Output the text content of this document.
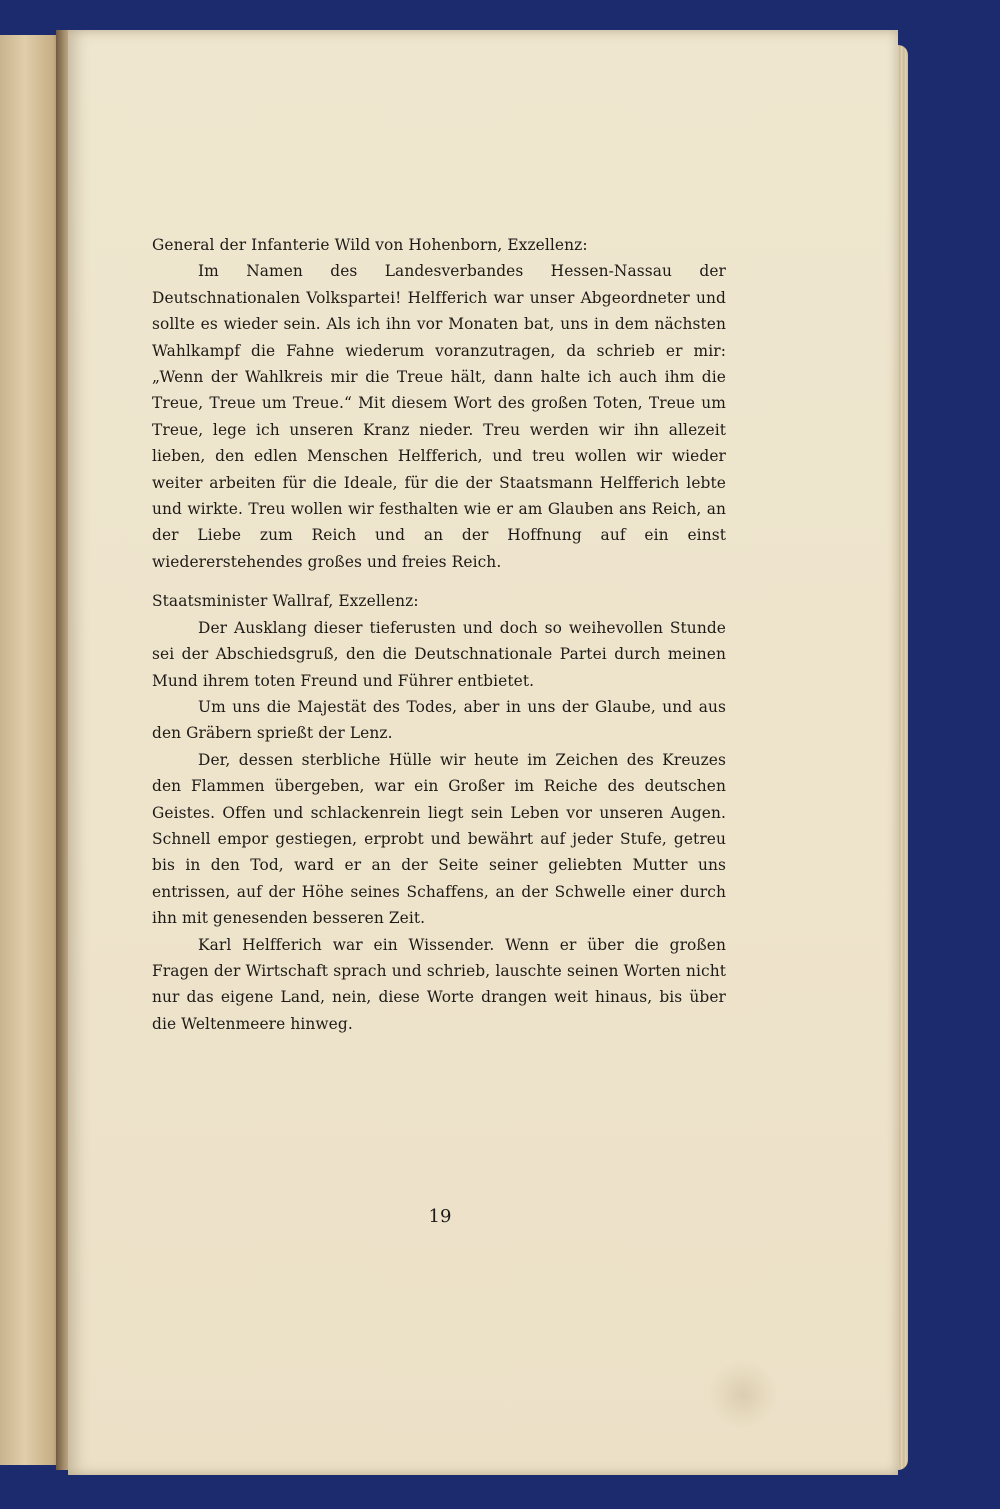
General der Infanterie Wild von Hohenborn, Exzellenz:

Im Namen des Landesverbandes Hessen-Nassau der Deutschnationalen Volkspartei! Helfferich war unser Abgeordneter und sollte es wieder sein. Als ich ihn vor Monaten bat, uns in dem nächsten Wahlkampf die Fahne wiederum voranzutragen, da schrieb er mir: „Wenn der Wahlkreis mir die Treue hält, dann halte ich auch ihm die Treue, Treue um Treue.“ Mit diesem Wort des großen Toten, Treue um Treue, lege ich unseren Kranz nieder. Treu werden wir ihn allezeit lieben, den edlen Menschen Helfferich, und treu wollen wir wieder weiter arbeiten für die Ideale, für die der Staatsmann Helfferich lebte und wirkte. Treu wollen wir festhalten wie er am Glauben ans Reich, an der Liebe zum Reich und an der Hoffnung auf ein einst wiedererstehendes großes und freies Reich.

Staatsminister Wallraf, Exzellenz:

Der Ausklang dieser tieferusten und doch so weihevollen Stunde sei der Abschiedsgruß, den die Deutschnationale Partei durch meinen Mund ihrem toten Freund und Führer entbietet.

Um uns die Majestät des Todes, aber in uns der Glaube, und aus den Gräbern sprießt der Lenz.

Der, dessen sterbliche Hülle wir heute im Zeichen des Kreuzes den Flammen übergeben, war ein Großer im Reiche des deutschen Geistes. Offen und schlackenrein liegt sein Leben vor unseren Augen. Schnell empor gestiegen, erprobt und bewährt auf jeder Stufe, getreu bis in den Tod, ward er an der Seite seiner geliebten Mutter uns entrissen, auf der Höhe seines Schaffens, an der Schwelle einer durch ihn mit genesenden besseren Zeit.

Karl Helfferich war ein Wissender. Wenn er über die großen Fragen der Wirtschaft sprach und schrieb, lauschte seinen Worten nicht nur das eigene Land, nein, diese Worte drangen weit hinaus, bis über die Weltenmeere hinweg.

19
